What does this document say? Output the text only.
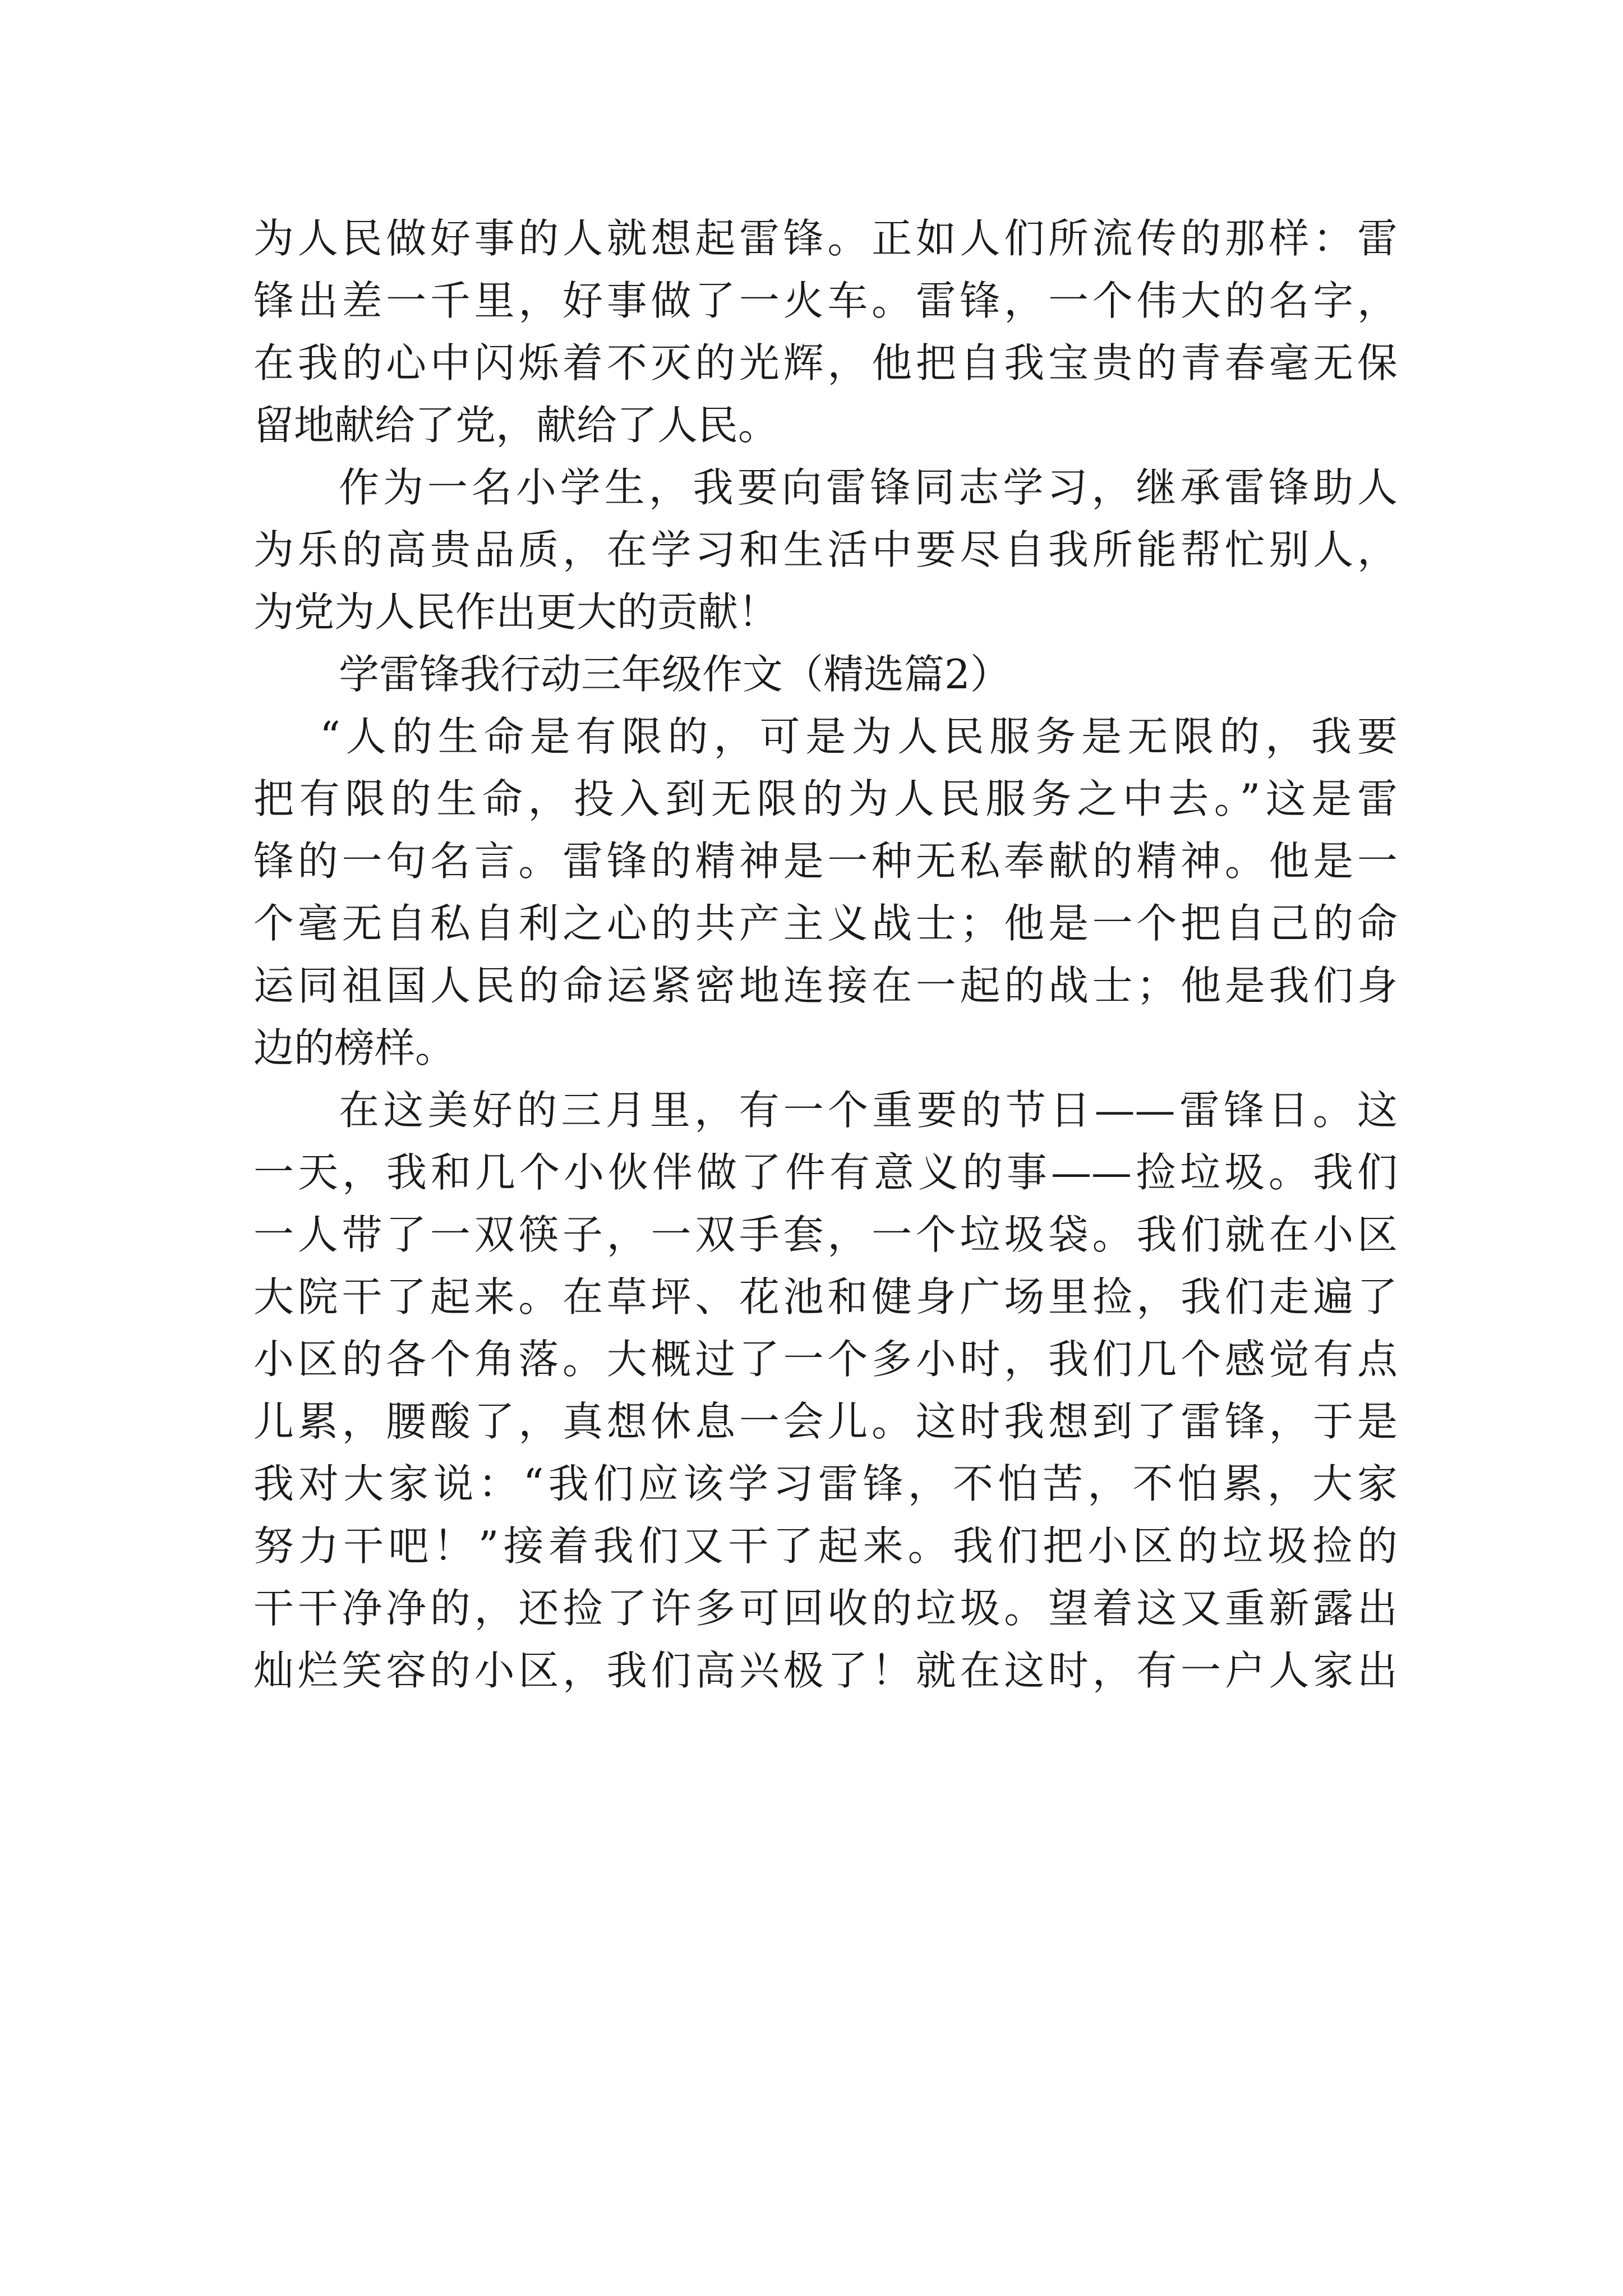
为人民做好事的人就想起雷锋。正如人们所流传的那样：雷
锋出差一千里，好事做了一火车。雷锋，一个伟大的名字，
在我的心中闪烁着不灭的光辉，他把自我宝贵的青春毫无保
留地献给了党，献给了人民。
作为一名小学生，我要向雷锋同志学习，继承雷锋助人
为乐的高贵品质，在学习和生活中要尽自我所能帮忙别人，
为党为人民作出更大的贡献！
学雷锋我行动三年级作文（精选篇2）
“人的生命是有限的，可是为人民服务是无限的，我要
把有限的生命，投入到无限的为人民服务之中去。”这是雷
锋的一句名言。雷锋的精神是一种无私奉献的精神。他是一
个毫无自私自利之心的共产主义战士；他是一个把自己的命
运同祖国人民的命运紧密地连接在一起的战士；他是我们身
边的榜样。
在这美好的三月里，有一个重要的节日——雷锋日。这
一天，我和几个小伙伴做了件有意义的事——捡垃圾。我们
一人带了一双筷子，一双手套，一个垃圾袋。我们就在小区
大院干了起来。在草坪、花池和健身广场里捡，我们走遍了
小区的各个角落。大概过了一个多小时，我们几个感觉有点
儿累，腰酸了，真想休息一会儿。这时我想到了雷锋，于是
我对大家说：“我们应该学习雷锋，不怕苦，不怕累，大家
努力干吧！”接着我们又干了起来。我们把小区的垃圾捡的
干干净净的，还捡了许多可回收的垃圾。望着这又重新露出
灿烂笑容的小区，我们高兴极了！就在这时，有一户人家出
